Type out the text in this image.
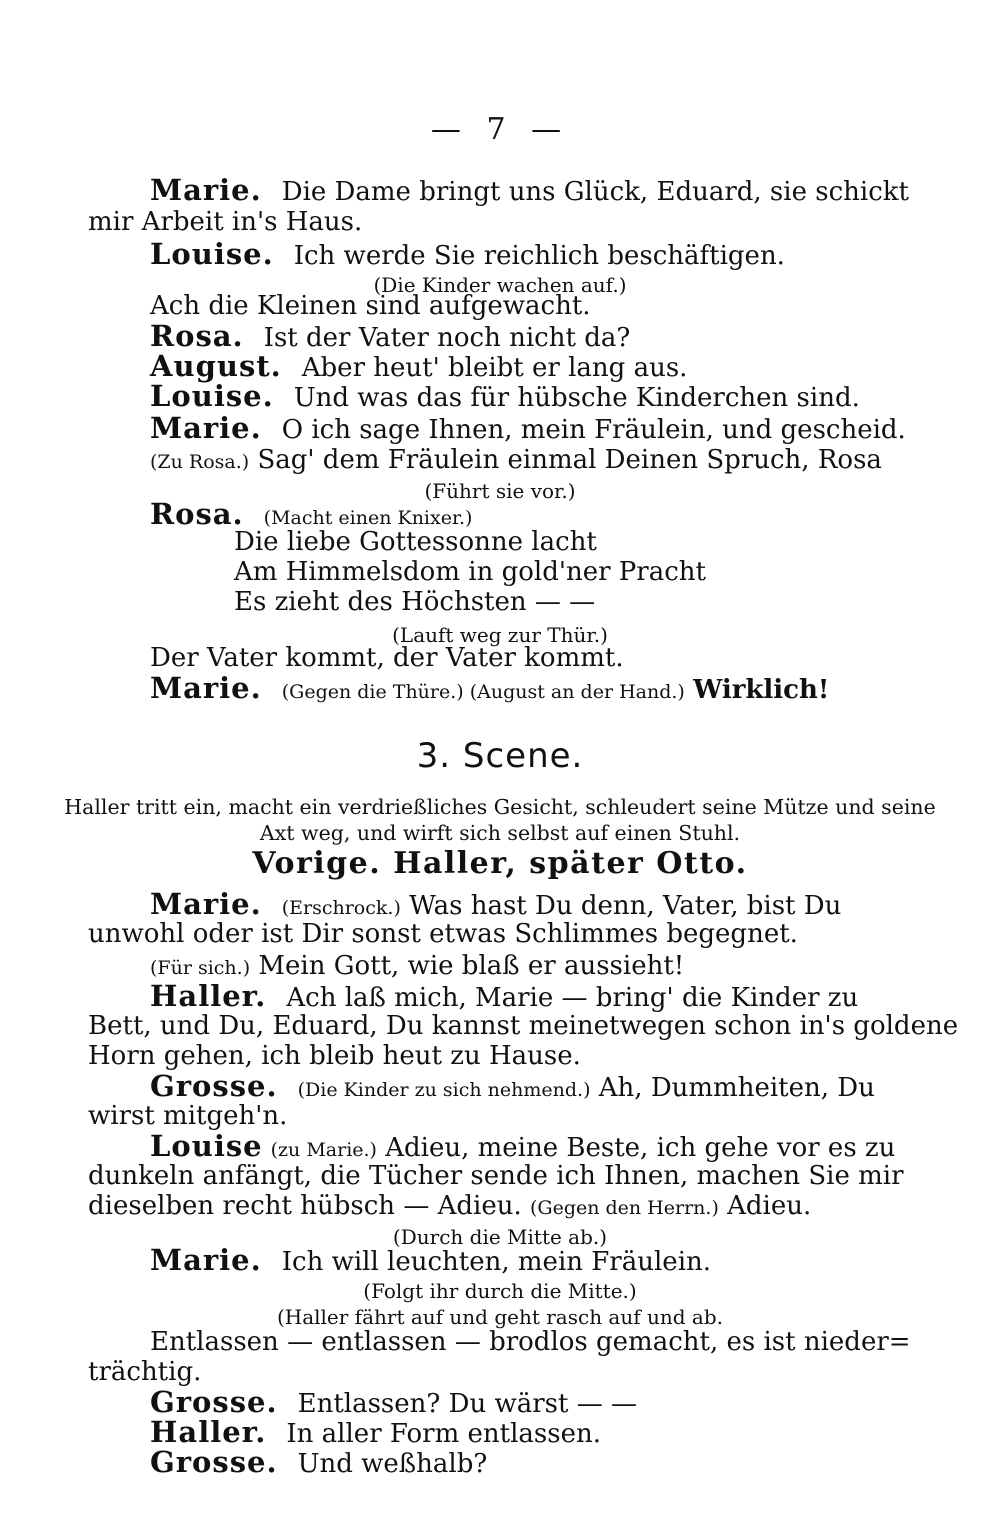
— 7 —
Marie. Die Dame bringt uns Glück, Eduard, sie schickt
mir Arbeit in's Haus.
Louise. Ich werde Sie reichlich beschäftigen.
(Die Kinder wachen auf.)
Ach die Kleinen sind aufgewacht.
Rosa. Ist der Vater noch nicht da?
August. Aber heut' bleibt er lang aus.
Louise. Und was das für hübsche Kinderchen sind.
Marie. O ich sage Ihnen, mein Fräulein, und gescheid.
(Zu Rosa.) Sag' dem Fräulein einmal Deinen Spruch, Rosa
(Führt sie vor.)
Rosa. (Macht einen Knixer.)
Die liebe Gottessonne lacht
Am Himmelsdom in gold'ner Pracht
Es zieht des Höchsten — —
(Lauft weg zur Thür.)
Der Vater kommt, der Vater kommt.
Marie. (Gegen die Thüre.) (August an der Hand.) Wirklich!
3. Scene.
Haller tritt ein, macht ein verdrießliches Gesicht, schleudert seine Mütze und seine
Axt weg, und wirft sich selbst auf einen Stuhl.
Vorige. Haller, später Otto.
Marie. (Erschrock.) Was hast Du denn, Vater, bist Du
unwohl oder ist Dir sonst etwas Schlimmes begegnet.
(Für sich.) Mein Gott, wie blaß er aussieht!
Haller. Ach laß mich, Marie — bring' die Kinder zu
Bett, und Du, Eduard, Du kannst meinetwegen schon in's goldene
Horn gehen, ich bleib heut zu Hause.
Grosse. (Die Kinder zu sich nehmend.) Ah, Dummheiten, Du
wirst mitgeh'n.
Louise (zu Marie.) Adieu, meine Beste, ich gehe vor es zu
dunkeln anfängt, die Tücher sende ich Ihnen, machen Sie mir
dieselben recht hübsch — Adieu. (Gegen den Herrn.) Adieu.
(Durch die Mitte ab.)
Marie. Ich will leuchten, mein Fräulein.
(Folgt ihr durch die Mitte.)
(Haller fährt auf und geht rasch auf und ab.
Entlassen — entlassen — brodlos gemacht, es ist nieder=
trächtig.
Grosse. Entlassen? Du wärst — —
Haller. In aller Form entlassen.
Grosse. Und weßhalb?
